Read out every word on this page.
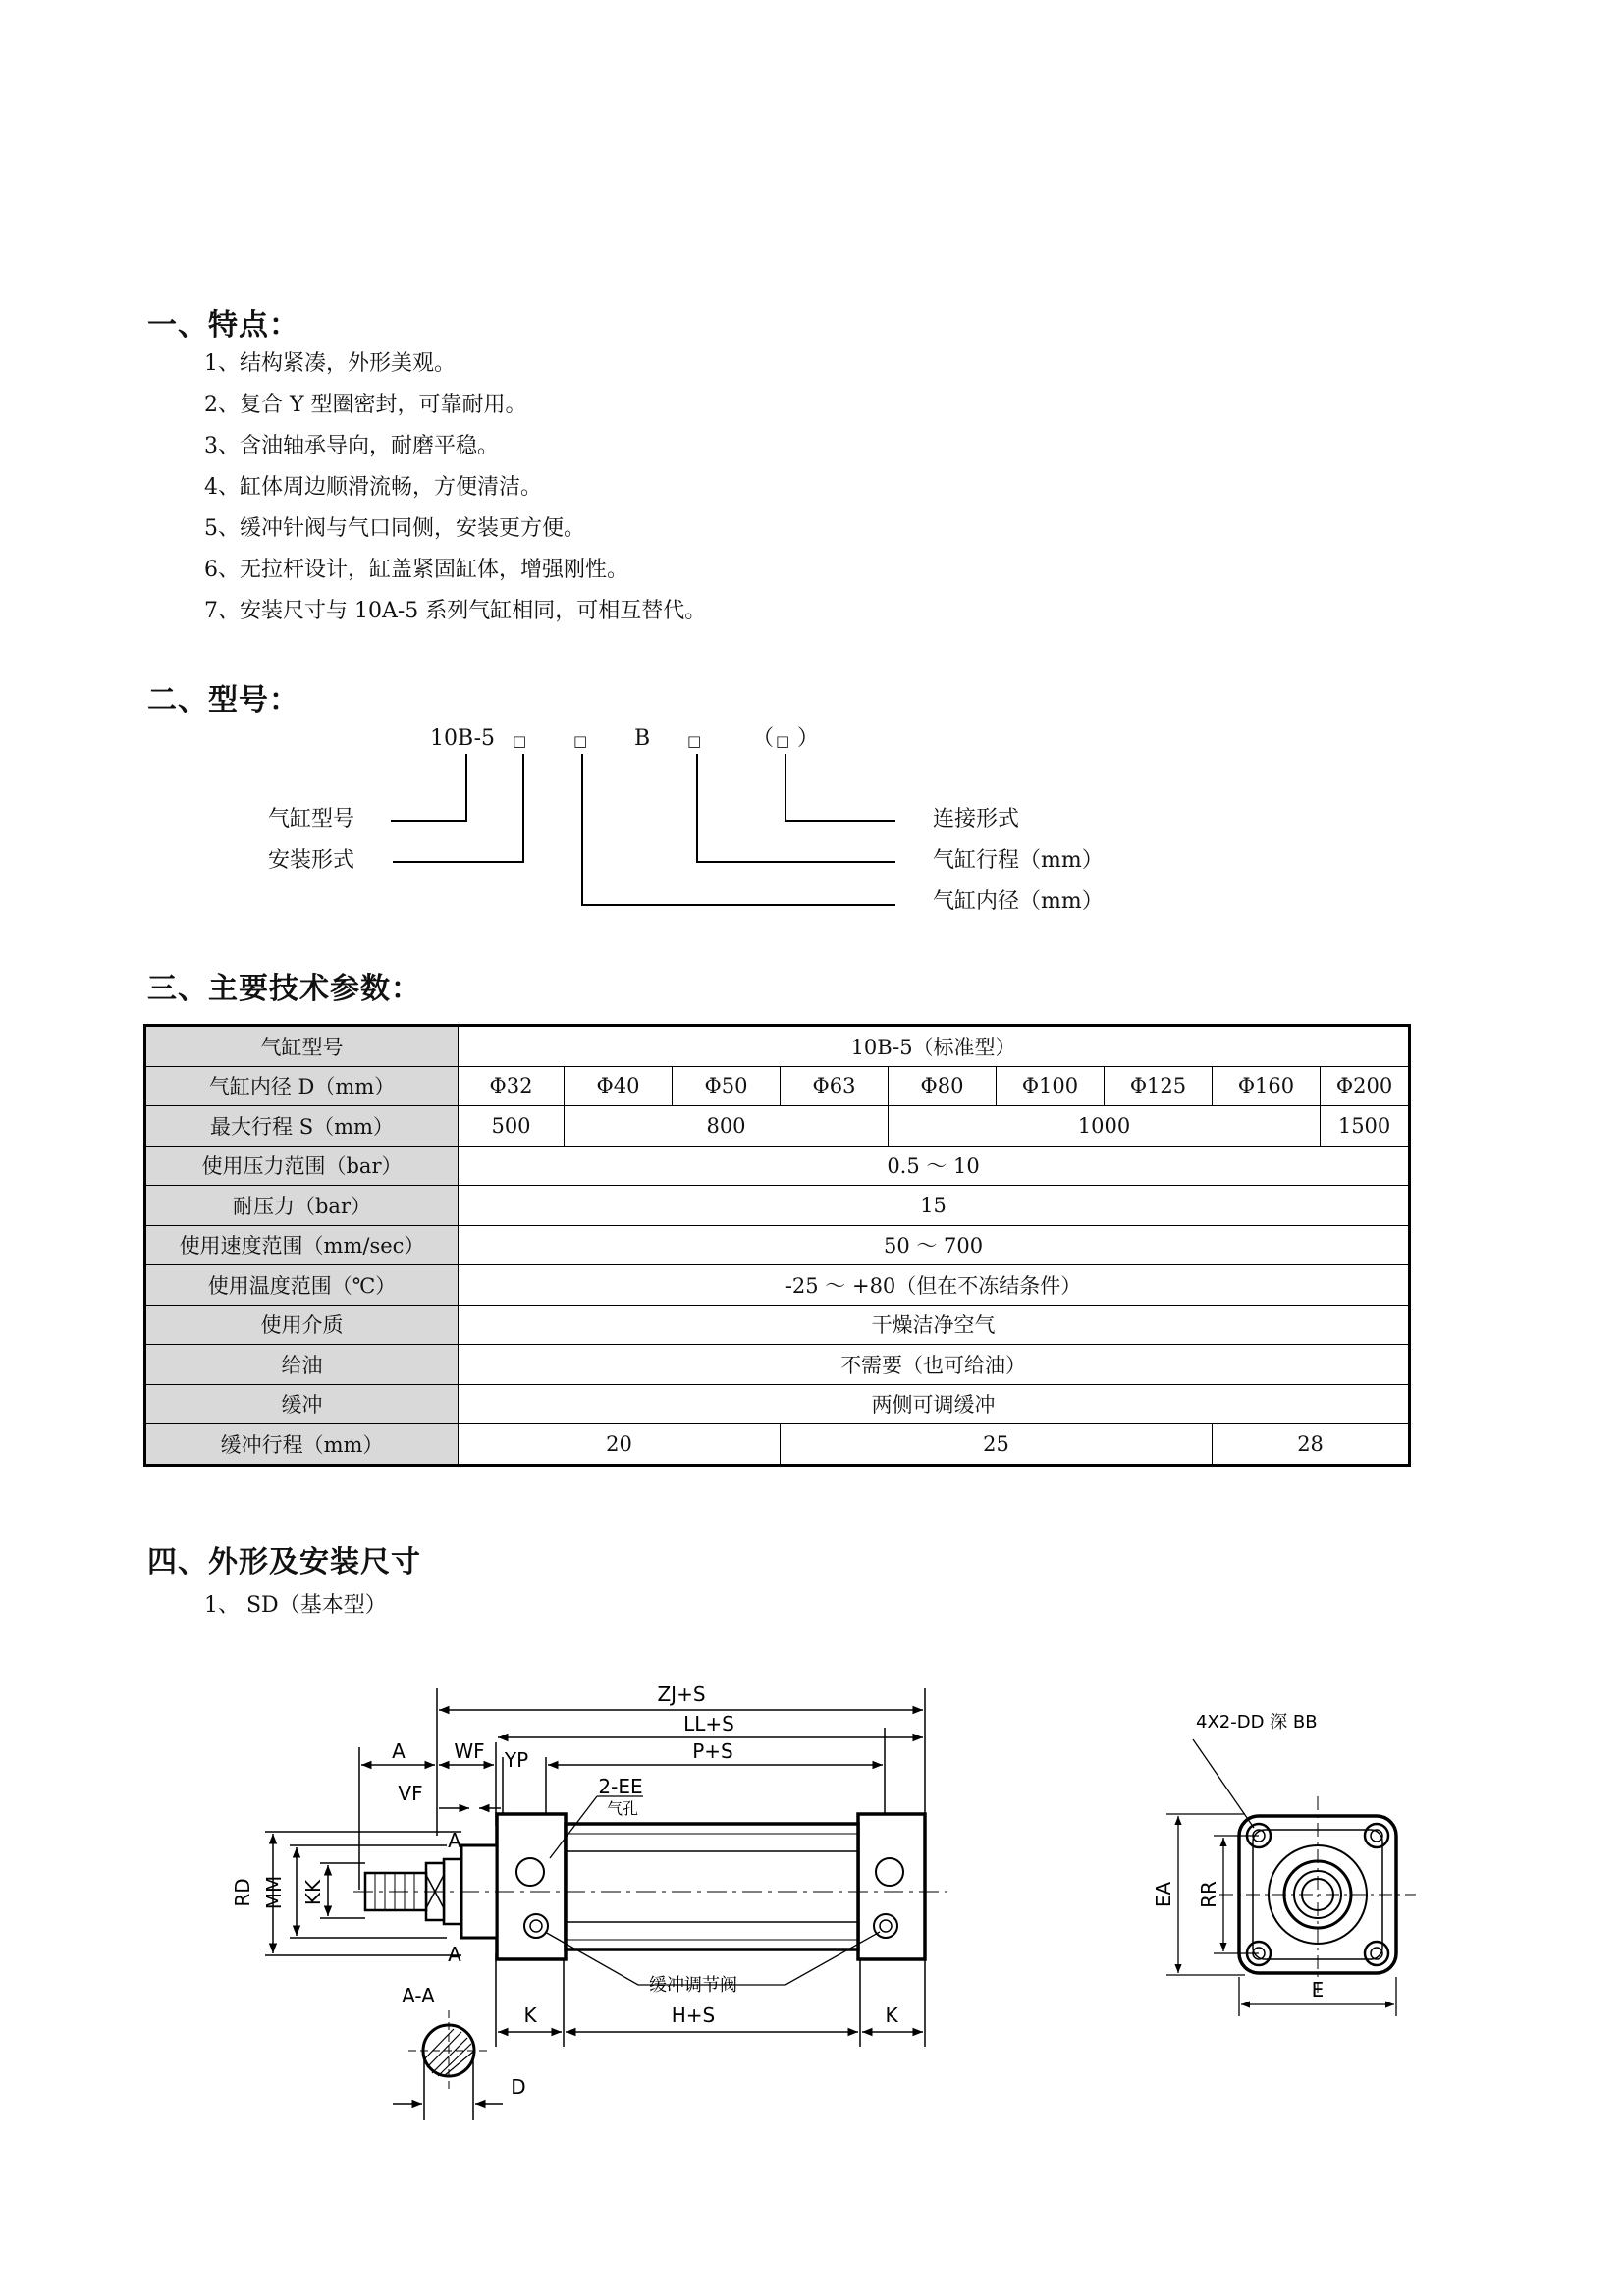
一、特点：
1、结构紧凑，外形美观。
2、复合 Y 型圈密封，可靠耐用。
3、含油轴承导向，耐磨平稳。
4、缸体周边顺滑流畅，方便清洁。
5、缓冲针阀与气口同侧，安装更方便。
6、无拉杆设计，缸盖紧固缸体，增强刚性。
7、安装尺寸与 10A-5 系列气缸相同，可相互替代。
二、型号：
10B-5 □	□ B	□ （ □ ）
气缸型号
安装形式
连接形式
气缸行程（mm）
气缸内径（mm）
三、主要技术参数：
气缸型号	10B-5（标准型）								
气缸内径 D（mm）	Φ32	Φ40	Φ50	Φ63	Φ80	Φ100	Φ125	Φ160	Φ200
最大行程 S（mm）	500	800			1000				1500
使用压力范围（bar）	0.5 ～ 10								
耐压力（bar）	15								
使用速度范围（mm/sec）	50 ～ 700								
使用温度范围（℃）	-25 ～ +80（但在不冻结条件）								
使用介质	干燥洁净空气								
给油	不需要（也可给油）								
缓冲	两侧可调缓冲								
缓冲行程（mm）	20			25				28	
四、外形及安装尺寸
1、 SD（基本型）
ZJ+S
LL+S
P+S
A WF YP
VF	2-EE
气孔
A
A
RD MM KK
缓冲调节阀
K	H+S	K
A-A
D
4X2-DD 深 BB
EA RR
E
